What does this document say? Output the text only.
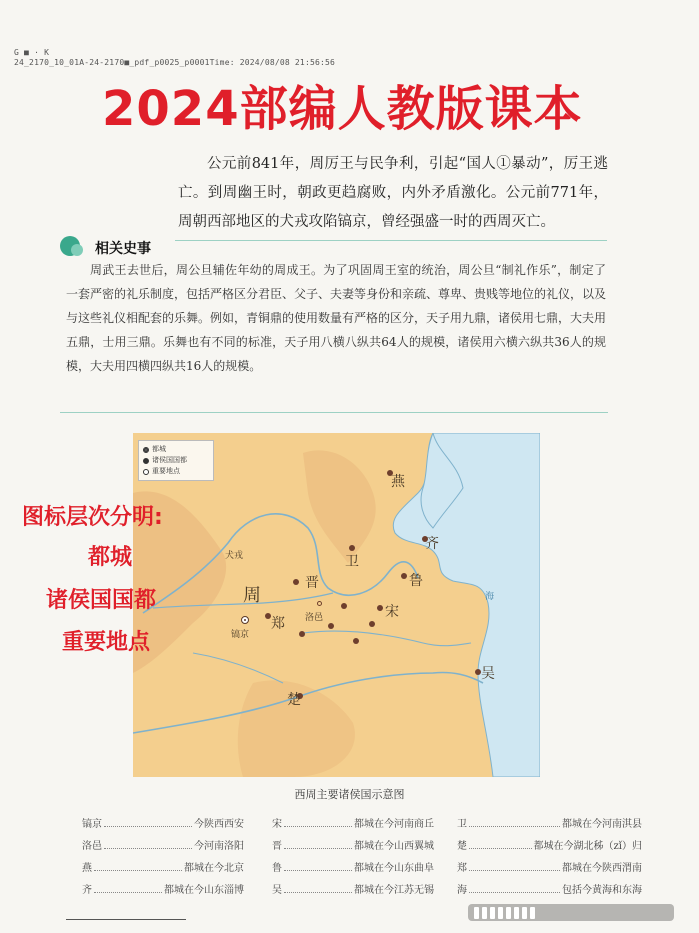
G ■ · K
24_2170_10_01A-24-2170■_pdf_p0025_p0001Time: 2024/08/08 21:56:56
2024部编人教版课本

公元前841年，周厉王与民争利，引起“国人①暴动”，厉王逃亡。到周幽王时，朝政更趋腐败，内外矛盾激化。公元前771年，周朝西部地区的犬戎攻陷镐京，曾经强盛一时的西周灭亡。

相关史事

周武王去世后，周公旦辅佐年幼的周成王。为了巩固周王室的统治，周公旦“制礼作乐”，制定了一套严密的礼乐制度，包括严格区分君臣、父子、夫妻等身份和亲疏、尊卑、贵贱等地位的礼仪，以及与这些礼仪相配套的乐舞。例如，青铜鼎的使用数量有严格的区分，天子用九鼎，诸侯用七鼎，大夫用五鼎，士用三鼎。乐舞也有不同的标准，天子用八横八纵共64人的规模，诸侯用六横六纵共36人的规模，大夫用四横四纵共16人的规模。

燕
齐
鲁
卫
宋
晋
周
郑
镐京
洛邑
犬戎
楚
吴
海
都城
诸侯国国都
重要地点
图标层次分明:
都城
诸侯国国都
重要地点
西周主要诸侯国示意图
镐京	今陕西西安	宋	都城在今河南商丘 卫	都城在今河南淇县
洛邑	今河南洛阳	晋	都城在今山西翼城 楚	都城在今湖北秭（zǐ）归
燕	都城在今北京	鲁	都城在今山东曲阜 郑	都城在今陕西渭南
齐	都城在今山东淄博	吴	都城在今江苏无锡 海	包括今黄海和东海
